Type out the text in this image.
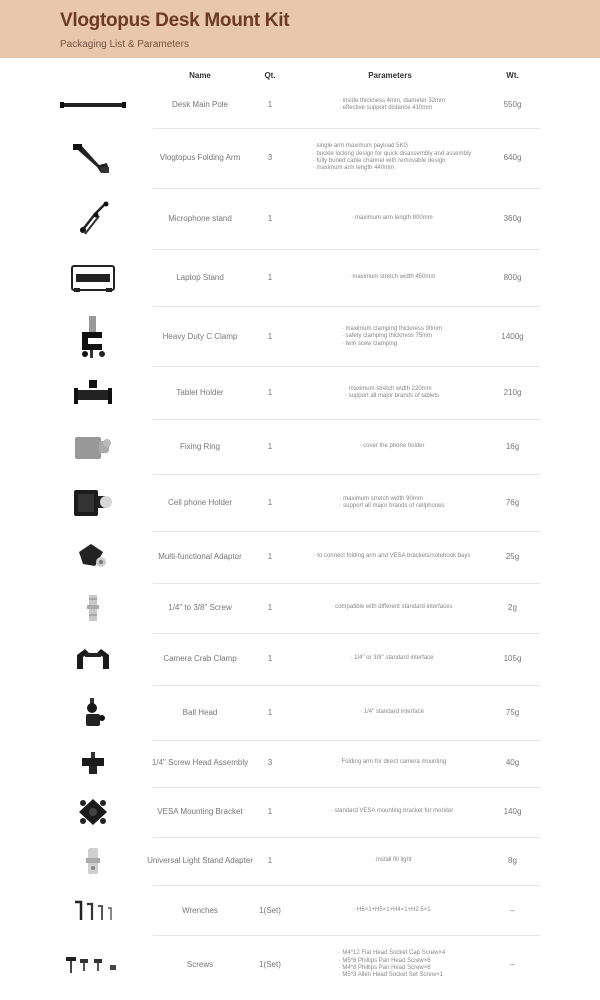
Vlogtopus Desk Mount Kit
Packaging List & Parameters
Name	Qt.	Parameters	Wt.
Desk Main Pole	1	· inside thickness 4mm, diameter 32mm
· effective support distance 410mm	550g
Vlogtopus Folding Arm	3
· single arm maximum payload 5KG
· buckle locking design for quick disassembly and assembly
· fully buried cable channel with removable design
· maximum arm length 440mm
640g
Microphone stand	1	· maximum arm length 800mm	360g
Laptop Stand	1	· maximum stretch width 450mm	800g
Heavy Duty C Clamp	1
· maximum clamping thickness 90mm
· safety clamping thickness 75mm
· twin scew clamping
1400g
Tablet Holder	1	· maximum stretch width 220mm
· support all major brands of tablets	210g
Fixing Ring	1	· cover the phone holder	16g
Cell phone Holder	1	· maximum stretch width 90mm
· support all major brands of cellphones	76g
Multi-functional Adaptor	1	· to connect folding arm and VESA brackets/notebook bays	25g
1/4" to 3/8" Screw	1	· compatible with different standard interfaces	2g
Camera Crab Clamp	1	· 1/4" or 3/8" standard interface	105g
Ball Head	1	· 1/4" standard interface	75g
1/4" Screw Head Assembly	3	· Folding arm for direct camera mounting	40g
VESA Mounting Bracket	1	· standard VESA mounting bracket for monitor	140g
Universal Light Stand Adapter	1	· install fill light	8g
Wrenches	1(Set)	· H6×1+H5×1+H4×1+H2.5×1	–
Screws	1(Set)
· M4*12 Flat Head Socket Cap Screw×4
· M5*8 Phillips Pan Head Screw×6
· M4*8 Phillips Pan Head Screw×6
· M5*3 Allen Head Socket Set Screw×1
–
